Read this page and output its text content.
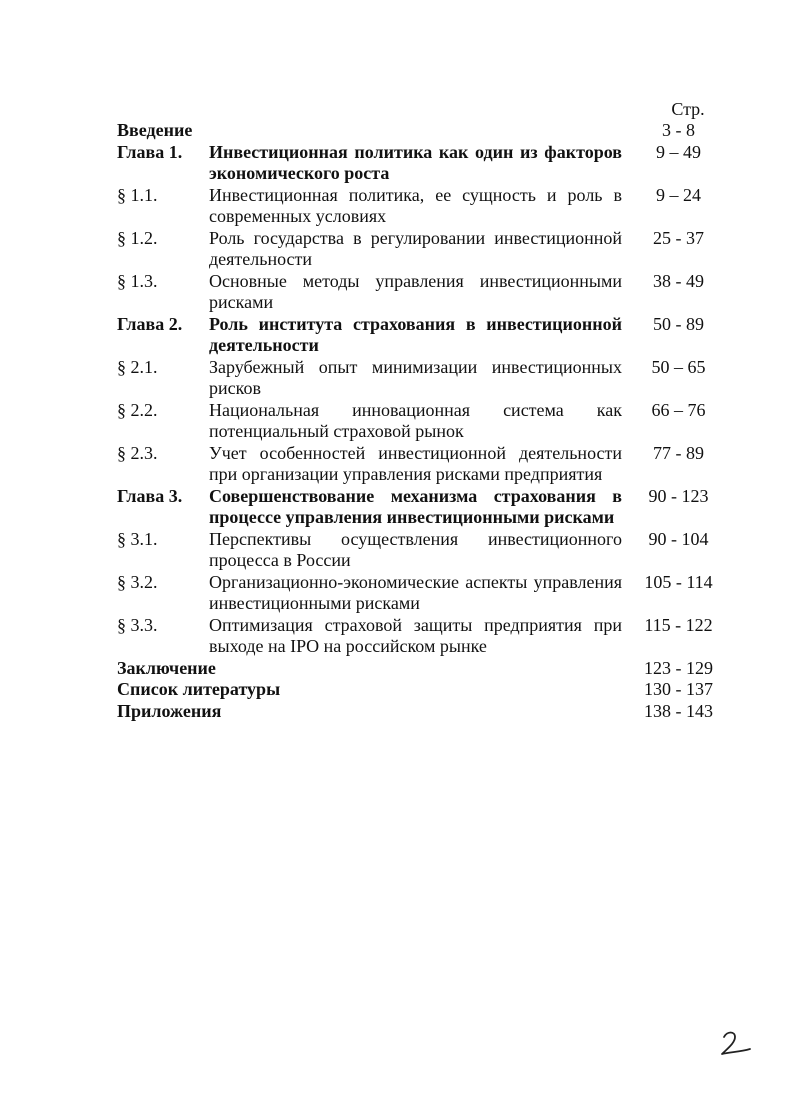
Стр.
Введение		3 - 8
Глава 1.	Инвестиционная политика как один из факторов экономического роста	9 – 49
§ 1.1.	Инвестиционная политика, ее сущность и роль в современных условиях	9 – 24
§ 1.2.	Роль государства в регулировании инвестиционной деятельности	25 - 37
§ 1.3.	Основные методы управления инвестиционными рисками	38 - 49
Глава 2.	Роль института страхования в инвестиционной деятельности	50 - 89
§ 2.1.	Зарубежный опыт минимизации инвестиционных рисков	50 – 65
§ 2.2.	Национальная инновационная система как потенциальный страховой рынок	66 – 76
§ 2.3.	Учет особенностей инвестиционной деятельности при организации управления рисками предприятия	77 - 89
Глава 3.	Совершенствование механизма страхования в процессе управления инвестиционными рисками	90 - 123
§ 3.1.	Перспективы осуществления инвестиционного процесса в России	90 - 104
§ 3.2.	Организационно-экономические аспекты управления инвестиционными рисками	105 - 114
§ 3.3.	Оптимизация страховой защиты предприятия при выходе на IPO на российском рынке	115 - 122
Заключение		123 - 129
Список литературы		130 - 137
Приложения		138 - 143
